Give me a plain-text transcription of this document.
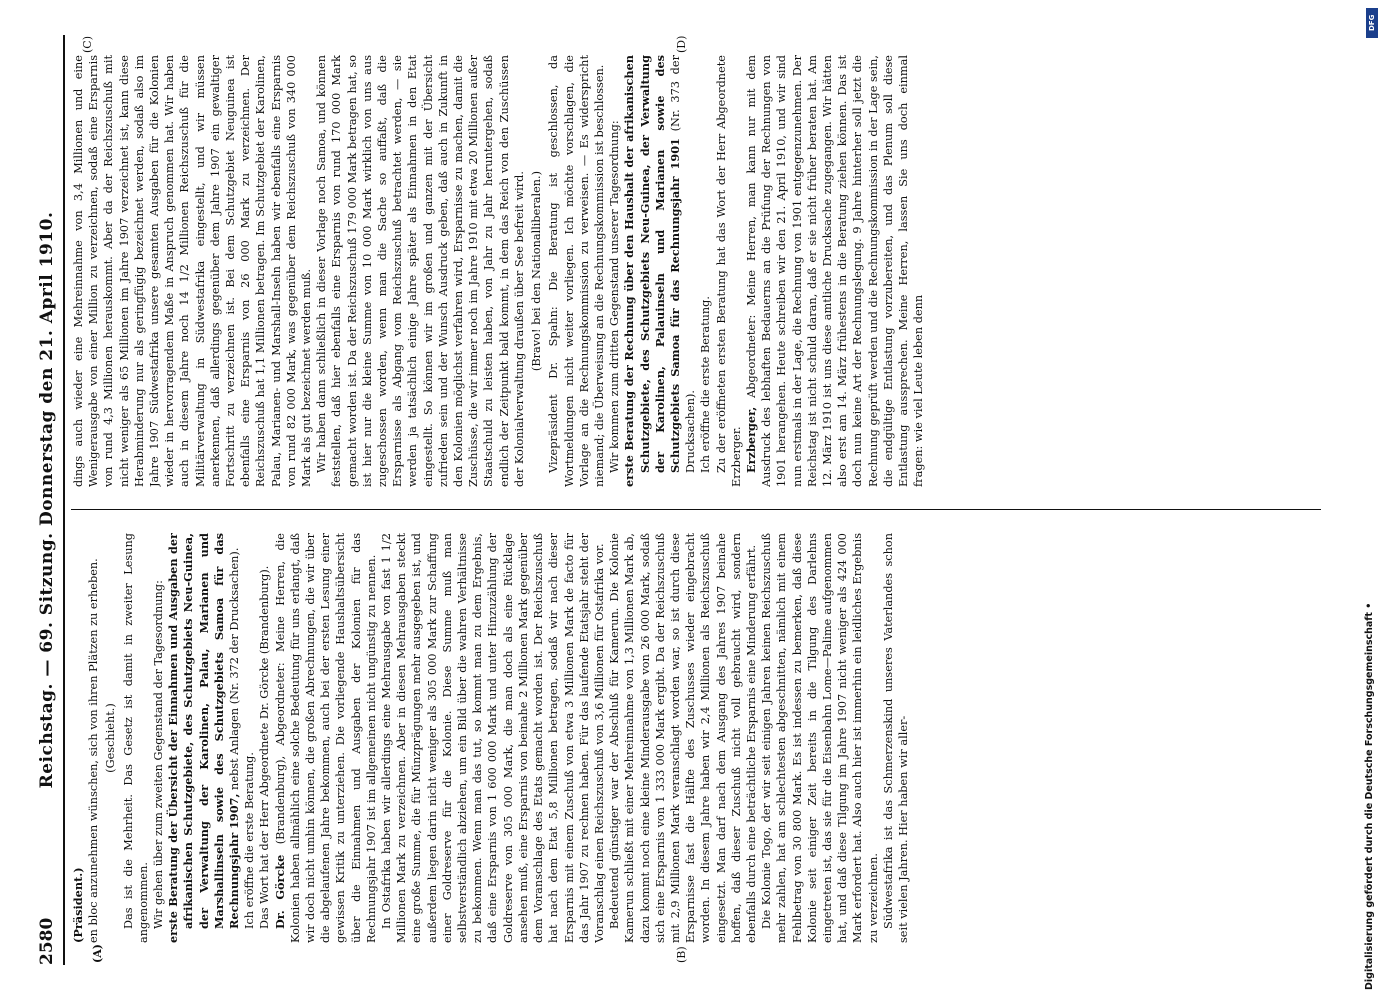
2580
Reichstag. — 69. Sitzung. Donnerstag den 21. April 1910.
(A)	(B)
(C)	(D)

(Präsident.) en bloc anzunehmen wünschen, sich von ihren Plätzen zu erheben. (Geschieht.) Das ist die Mehrheit. Das Gesetz ist damit in zweiter Lesung angenommen. Wir gehen über zum zweiten Gegenstand der Tagesordnung: erste Beratung der Übersicht der Einnahmen und Ausgaben der afrikanischen Schutzgebiete, des Schutzgebiets Neu-Guinea, der Verwaltung der Karolinen, Palau, Marianen und Marshallinseln sowie des Schutzgebiets Samoa für das Rechnungsjahr 1907, nebst Anlagen (Nr. 372 der Drucksachen).

Ich eröffne die erste Beratung. Das Wort hat der Herr Abgeordnete Dr. Görcke (Brandenburg). Dr. Görcke (Brandenburg), Abgeordneter: Meine Herren, die Kolonien haben allmählich eine solche Bedeutung für uns erlangt, daß wir doch nicht umhin können, die großen Abrechnungen, die wir über die abgelaufenen Jahre bekommen, auch bei der ersten Lesung einer gewissen Kritik zu unterziehen. Die vorliegende Haushaltsübersicht über die Einnahmen und Ausgaben der Kolonien für das Rechnungsjahr 1907 ist im allgemeinen nicht ungünstig zu nennen. In Ostafrika haben wir allerdings eine Mehrausgabe von fast 1 1/2 Millionen Mark zu verzeichnen. Aber in diesen Mehrausgaben steckt eine große Summe, die für Münzprägungen mehr ausgegeben ist, und außerdem liegen darin nicht weniger als 305 000 Mark zur Schaffung einer Goldreserve für die Kolonie. Diese Summe muß man selbstverständlich abziehen, um ein Bild über die wahren Verhältnisse zu bekommen. Wenn man das tut, so kommt man zu dem Ergebnis, daß eine Ersparnis von 1 600 000 Mark und unter Hinzuzählung der Goldreserve von 305 000 Mark, die man doch als eine Rücklage ansehen muß, eine Ersparnis von beinahe 2 Millionen Mark gegenüber dem Voranschlage des Etats gemacht worden ist. Der Reichszuschuß hat nach dem Etat 5,8 Millionen betragen, sodaß wir nach dieser Ersparnis mit einem Zuschuß von etwa 3 Millionen Mark de facto für das Jahr 1907 zu rechnen haben. Für das laufende Etatsjahr steht der Voranschlag einen Reichszuschuß von 3,6 Millionen für Ostafrika vor. Bedeutend günstiger war der Abschluß für Kamerun. Die Kolonie Kamerun schließt mit einer Mehreinnahme von 1,3 Millionen Mark ab, dazu kommt noch eine kleine Minderausgabe von 26 000 Mark, sodaß sich eine Ersparnis von 1 333 000 Mark ergibt. Da der Reichszuschuß mit 2,9 Millionen Mark veranschlagt worden war, so ist durch diese Ersparnisse fast die Hälfte des Zuschusses wieder eingebracht worden. In diesem Jahre haben wir 2,4 Millionen als Reichszuschuß eingesetzt. Man darf nach dem Ausgang des Jahres 1907 beinahe hoffen, daß dieser Zuschuß nicht voll gebraucht wird, sondern ebenfalls durch eine beträchtliche Ersparnis eine Minderung erfährt. Die Kolonie Togo, der wir seit einigen Jahren keinen Reichszuschuß mehr zahlen, hat am schlechtesten abgeschnitten, nämlich mit einem Fehlbetrag von 30 800 Mark. Es ist indessen zu bemerken, daß diese Kolonie seit einiger Zeit bereits in die Tilgung des Darlehns eingetreten ist, das sie für die Eisenbahn Lome—Palime aufgenommen hat, und daß diese Tilgung im Jahre 1907 nicht weniger als 424 000 Mark erfordert hat. Also auch hier ist immerhin ein leidliches Ergebnis zu verzeichnen. Südwestafrika ist das Schmerzenskind unseres Vaterlandes schon seit vielen Jahren. Hier haben wir aller-

dings auch wieder eine Mehreinnahme von 3,4 Millionen und eine Wenigerausgabe von einer Million zu verzeichnen, sodaß eine Ersparnis von rund 4,3 Millionen herauskommt. Aber da der Reichszuschuß mit nicht weniger als 65 Millionen im Jahre 1907 verzeichnet ist, kann diese Herabminderung nur als geringfügig bezeichnet werden, sodaß also im Jahre 1907 Südwestafrika unsere gesamten Ausgaben für die Kolonien wieder in hervorragendem Maße in Anspruch genommen hat. Wir haben auch in diesem Jahre noch 14 1/2 Millionen Reichszuschuß für die Militärverwaltung in Südwestafrika eingestellt, und wir müssen anerkennen, daß allerdings gegenüber dem Jahre 1907 ein gewaltiger Fortschritt zu verzeichnen ist. Bei dem Schutzgebiet Neuguinea ist ebenfalls eine Ersparnis von 26 000 Mark zu verzeichnen. Der Reichszuschuß hat 1,1 Millionen betragen. Im Schutzgebiet der Karolinen, Palau, Marianen- und Marshall-Inseln haben wir ebenfalls eine Ersparnis von rund 82 000 Mark, was gegenüber dem Reichszuschuß von 340 000 Mark als gut bezeichnet werden muß. Wir haben dann schließlich in dieser Vorlage noch Samoa, und können feststellen, daß hier ebenfalls eine Ersparnis von rund 170 000 Mark gemacht worden ist. Da der Reichszuschuß 179 000 Mark betragen hat, so ist hier nur die kleine Summe von 10 000 Mark wirklich von uns aus zugeschossen worden, wenn man die Sache so auffaßt, daß die Ersparnisse als Abgang vom Reichszuschuß betrachtet werden, — sie werden ja tatsächlich einige Jahre später als Einnahmen in den Etat eingestellt. So können wir im großen und ganzen mit der Übersicht zufrieden sein und der Wunsch Ausdruck geben, daß auch in Zukunft in den Kolonien möglichst verfahren wird, Ersparnisse zu machen, damit die Zuschüsse, die wir immer noch im Jahre 1910 mit etwa 20 Millionen außer Staatschuld zu leisten haben, von Jahr zu Jahr heruntergehen, sodaß endlich der Zeitpunkt bald kommt, in dem das Reich von den Zuschüssen der Kolonialverwaltung draußen über See befreit wird. (Bravo! bei den Nationalliberalen.) Vizepräsident Dr. Spahn: Die Beratung ist geschlossen, da Wortmeldungen nicht weiter vorliegen. Ich möchte vorschlagen, die Vorlage an die Rechnungskommission zu verweisen. — Es widerspricht niemand; die Überweisung an die Rechnungskommission ist beschlossen. Wir kommen zum dritten Gegenstand unserer Tagesordnung: erste Beratung der Rechnung über den Haushalt der afrikanischen Schutzgebiete, des Schutzgebiets Neu-Guinea, der Verwaltung der Karolinen, Palauinseln und Marianen sowie des Schutzgebiets Samoa für das Rechnungsjahr 1901 (Nr. 373 der Drucksachen). Ich eröffne die erste Beratung. Zu der eröffneten ersten Beratung hat das Wort der Herr Abgeordnete Erzberger. Erzberger, Abgeordneter: Meine Herren, man kann nur mit dem Ausdruck des lebhaften Bedauerns an die Prüfung der Rechnungen von 1901 herangehen. Heute schreiben wir den 21. April 1910, und wir sind nun erstmals in der Lage, die Rechnung von 1901 entgegenzunehmen. Der Reichstag ist nicht schuld daran, daß er sie nicht früher beraten hat. Am 12. März 1910 ist uns diese amtliche Drucksache zugegangen. Wir hätten also erst am 14. März frühestens in die Beratung ziehen können. Das ist doch nun keine Art der Rechnungslegung. 9 Jahre hinterher soll jetzt die Rechnung geprüft werden und die Rechnungskommission in der Lage sein, die endgültige Entlastung vorzubereiten, und das Plenum soll diese Entlastung aussprechen. Meine Herren, lassen Sie uns doch einmal fragen: wie viel Leute leben denn

Digitalisierung gefördert durch die Deutsche Forschungsgemeinschaft •
DFG
